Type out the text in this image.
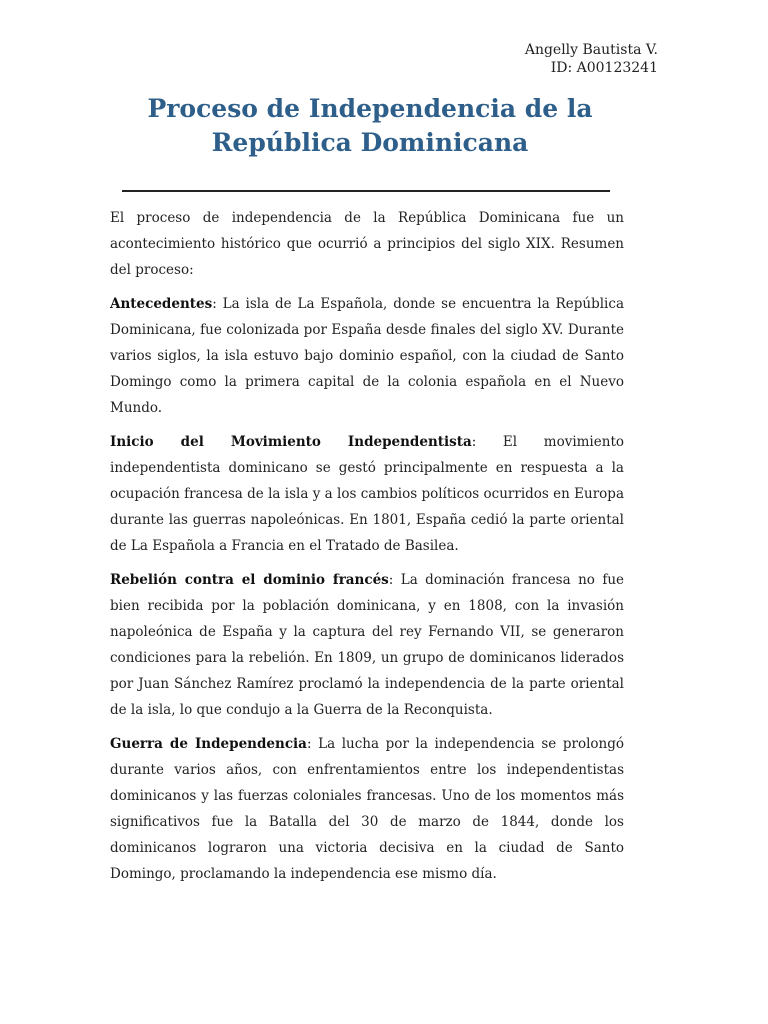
Angelly Bautista V.
ID: A00123241
Proceso de Independencia de la
República Dominicana

El proceso de independencia de la República Dominicana fue un acontecimiento histórico que ocurrió a principios del siglo XIX. Resumen del proceso:

Antecedentes: La isla de La Española, donde se encuentra la República Dominicana, fue colonizada por España desde finales del siglo XV. Durante varios siglos, la isla estuvo bajo dominio español, con la ciudad de Santo Domingo como la primera capital de la colonia española en el Nuevo Mundo.

Inicio del Movimiento Independentista: El movimiento independentista dominicano se gestó principalmente en respuesta a la ocupación francesa de la isla y a los cambios políticos ocurridos en Europa durante las guerras napoleónicas. En 1801, España cedió la parte oriental de La Española a Francia en el Tratado de Basilea.

Rebelión contra el dominio francés: La dominación francesa no fue bien recibida por la población dominicana, y en 1808, con la invasión napoleónica de España y la captura del rey Fernando VII, se generaron condiciones para la rebelión. En 1809, un grupo de dominicanos liderados por Juan Sánchez Ramírez proclamó la independencia de la parte oriental de la isla, lo que condujo a la Guerra de la Reconquista.

Guerra de Independencia: La lucha por la independencia se prolongó durante varios años, con enfrentamientos entre los independentistas dominicanos y las fuerzas coloniales francesas. Uno de los momentos más significativos fue la Batalla del 30 de marzo de 1844, donde los dominicanos lograron una victoria decisiva en la ciudad de Santo Domingo, proclamando la independencia ese mismo día.
